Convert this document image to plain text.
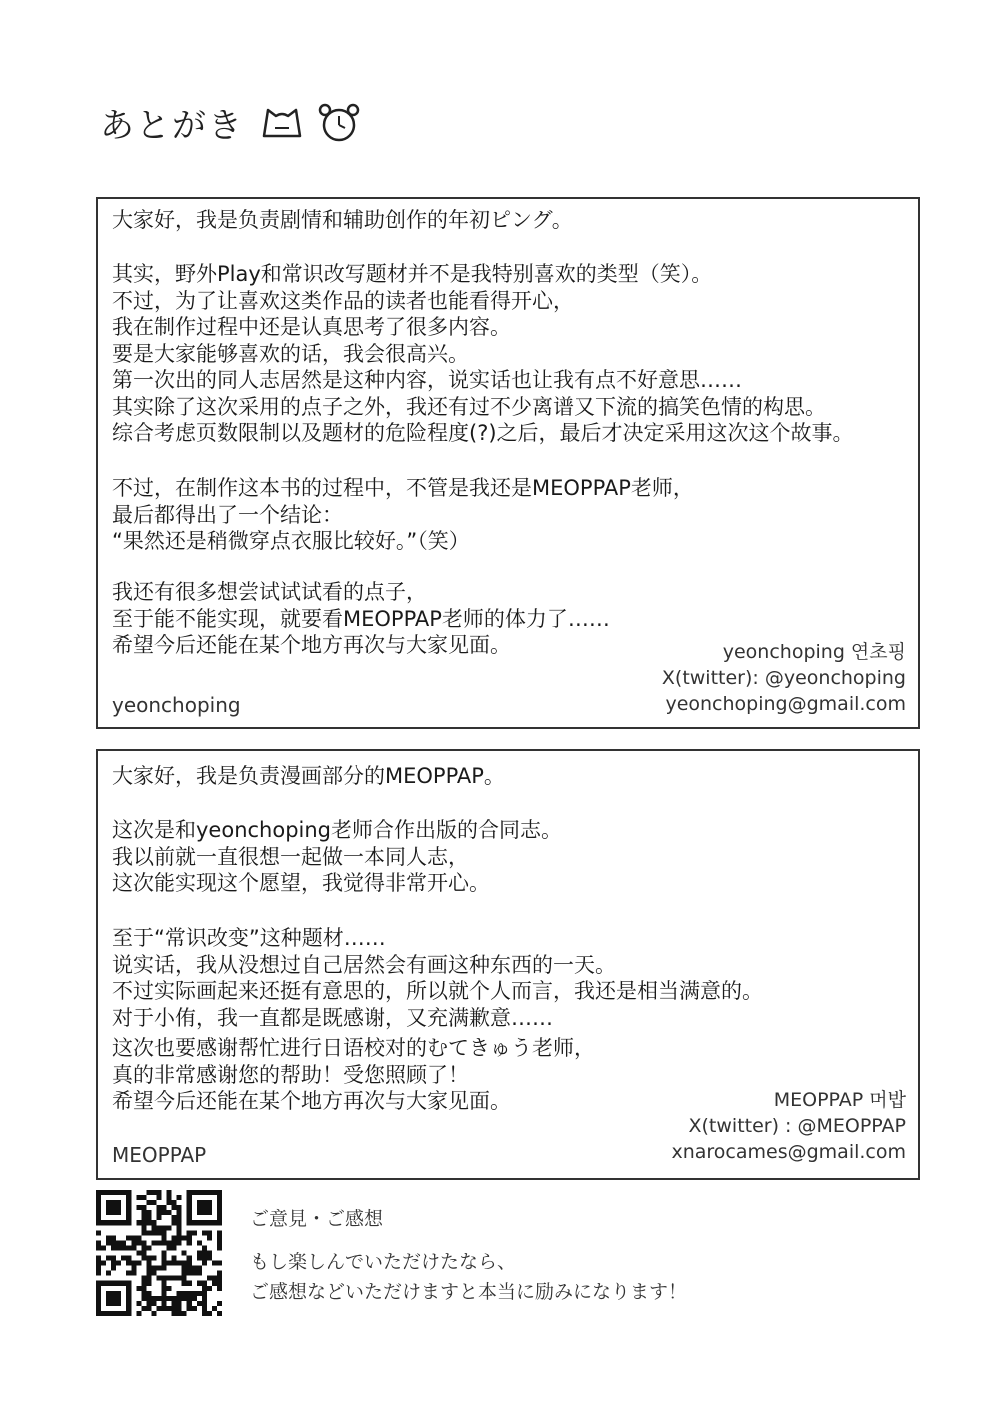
あとがき
大家好，我是负责剧情和辅助创作的年初ピング。
其实，野外Play和常识改写题材并不是我特别喜欢的类型（笑）。
不过，为了让喜欢这类作品的读者也能看得开心，
我在制作过程中还是认真思考了很多内容。
要是大家能够喜欢的话，我会很高兴。
第一次出的同人志居然是这种内容，说实话也让我有点不好意思……
其实除了这次采用的点子之外，我还有过不少离谱又下流的搞笑色情的构思。
综合考虑页数限制以及题材的危险程度(?)之后，最后才决定采用这次这个故事。
不过，在制作这本书的过程中，不管是我还是MEOPPAP老师，
最后都得出了一个结论：
“果然还是稍微穿点衣服比较好。”（笑）
我还有很多想尝试试试看的点子，
至于能不能实现，就要看MEOPPAP老师的体力了……
希望今后还能在某个地方再次与大家见面。	yeonchoping 연초핑
X(twitter): @yeonchoping
yeonchoping@gmail.com
yeonchoping
大家好，我是负责漫画部分的MEOPPAP。
这次是和yeonchoping老师合作出版的合同志。
我以前就一直很想一起做一本同人志，
这次能实现这个愿望，我觉得非常开心。
至于“常识改变”这种题材……
说实话，我从没想过自己居然会有画这种东西的一天。
不过实际画起来还挺有意思的，所以就个人而言，我还是相当满意的。
对于小侑，我一直都是既感谢，又充满歉意……
这次也要感谢帮忙进行日语校对的むてきゅう老师，
真的非常感谢您的帮助！受您照顾了！
希望今后还能在某个地方再次与大家见面。	MEOPPAP 머밥
X(twitter) : @MEOPPAP
xnarocames@gmail.com
MEOPPAP
ご意見・ご感想
もし楽しんでいただけたなら、
ご感想などいただけますと本当に励みになります！
